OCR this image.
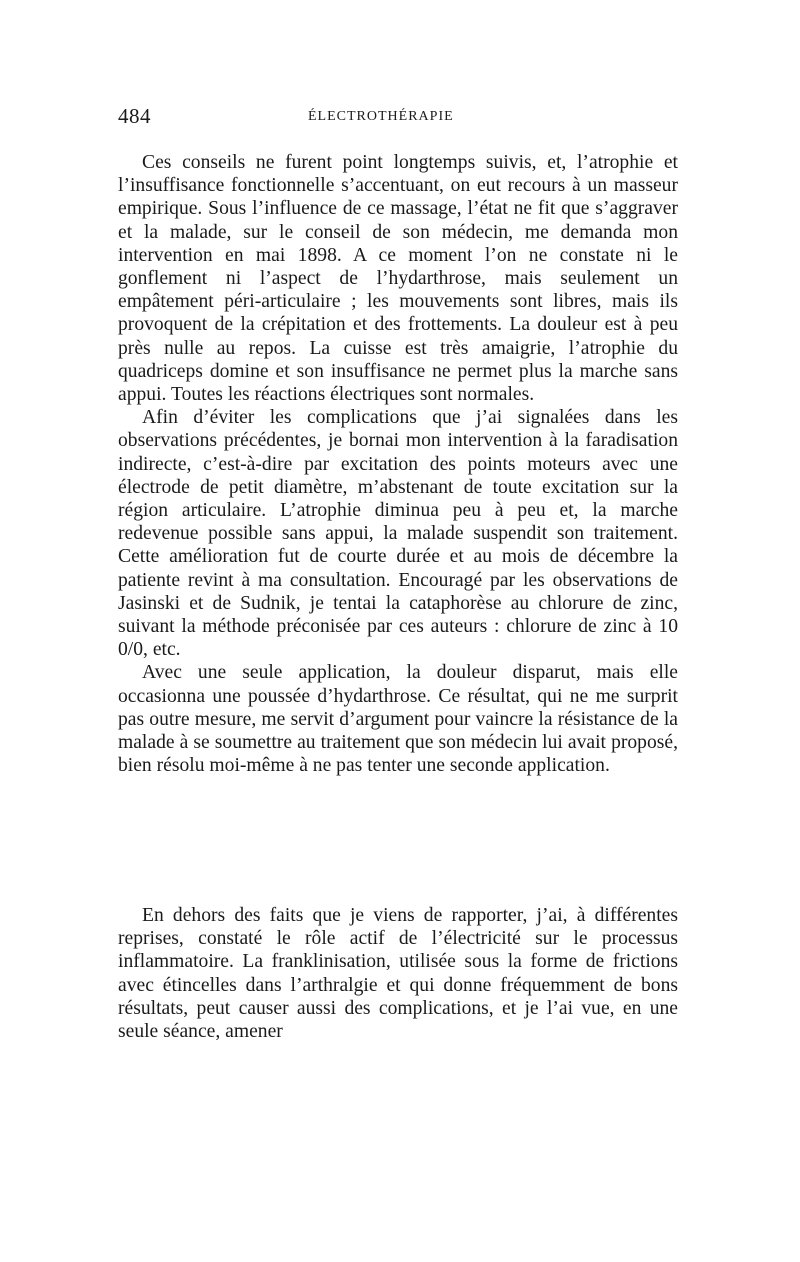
484	ÉLECTROTHÉRAPIE

Ces conseils ne furent point longtemps suivis, et, l’atrophie et l’insuffisance fonctionnelle s’accentuant, on eut recours à un masseur empirique. Sous l’influence de ce massage, l’état ne fit que s’aggraver et la malade, sur le conseil de son médecin, me demanda mon intervention en mai 1898. A ce moment l’on ne constate ni le gonflement ni l’aspect de l’hydarthrose, mais seulement un empâtement péri-articulaire ; les mouvements sont libres, mais ils provoquent de la crépitation et des frottements. La douleur est à peu près nulle au repos. La cuisse est très amaigrie, l’atrophie du quadriceps domine et son insuffisance ne permet plus la marche sans appui. Toutes les réactions électriques sont normales.

Afin d’éviter les complications que j’ai signalées dans les observations précédentes, je bornai mon intervention à la faradisation indirecte, c’est-à-dire par excitation des points moteurs avec une électrode de petit diamètre, m’abstenant de toute excitation sur la région articulaire. L’atrophie diminua peu à peu et, la marche redevenue possible sans appui, la malade suspendit son traitement. Cette amélioration fut de courte durée et au mois de décembre la patiente revint à ma consultation. Encouragé par les observations de Jasinski et de Sudnik, je tentai la cataphorèse au chlorure de zinc, suivant la méthode préconisée par ces auteurs : chlorure de zinc à 10 0/0, etc.

Avec une seule application, la douleur disparut, mais elle occasionna une poussée d’hydarthrose. Ce résultat, qui ne me surprit pas outre mesure, me servit d’argument pour vaincre la résistance de la malade à se soumettre au traitement que son médecin lui avait proposé, bien résolu moi-même à ne pas tenter une seconde application.

En dehors des faits que je viens de rapporter, j’ai, à différentes reprises, constaté le rôle actif de l’électricité sur le processus inflammatoire. La franklinisation, utilisée sous la forme de frictions avec étincelles dans l’arthralgie et qui donne fréquemment de bons résultats, peut causer aussi des complications, et je l’ai vue, en une seule séance, amener
